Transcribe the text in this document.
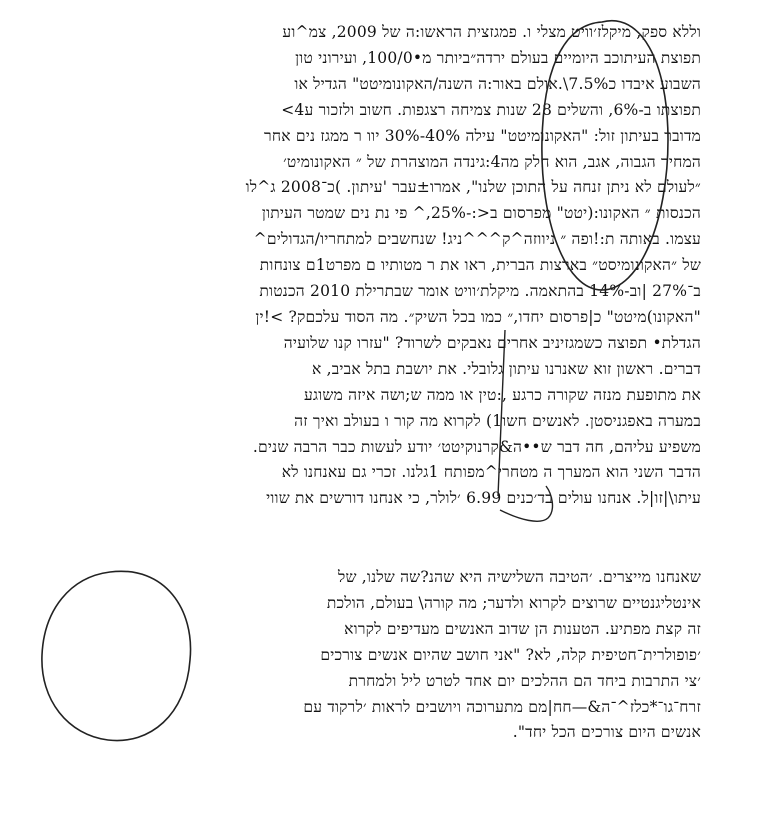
וללא ספק, מיקלז׳וויט מצלי ו. פמגזצית הראשו:ה של 2009, צמ^וע
תפוצת העיתוכב היומיים בעולם ירדה״ביותר מ•100/0, ועירוני טון
השבוע איבדו כ7.5%\.אולם באור:ה השנה/האקונומיטט" הגדיל או
תפוצתו ב-6%, והשלים 28 שנות צמיחה רצגפות. חשוב ולזכור ע4>
מדובר בעיתון זול: "האקונומיטט" עילה 40%-30% יוו ר ממגז נים אחר
המחיר הגבוה, אגב, הוא חלק מה4:גינדה המוצהרת של ״ האקונומיט׳
״לעולם לא ניתן זנחה על התוכן שלנו", אמרו±עבר 'עיתון. )כ־2008 ג^לו
הכנסות ״ האקונו:(יטט" מפרסום ב<:-25%,^ פי נת נים שמטר העיתון
עצמו. באותה ת:!ופה ״ ניווזה^ק^^^ניג! שנחשבים למתחריו/הגדולים^
של ״האקונומיסט״ בארצות הברית, ראו את ר מטותיו ם מפרט1ם צונחות
ב־27% |וב-14% בהתאמה. מיקלת׳וויט אומר שבתרילת 2010 הכנטות
"האקונו)מיטט" כ|פרסום יחדו,״ כמו בכל השיק״. מה הסוד עלכםק? >!ין
הגדלת• תפוצה כשמגזיניב אחרים נאבקים לשרוד? "עזרו קנו שלועיה
דברים. ראשון זוא שאנרנו עיתון גלובלי. את יושבת בתל אביב, א
את מתופעת מנזה שקורה כרגע ,:טין או ממה ש;ושה איזה משוגע
במערה באפגניסטן. לאנשים חשו1) לקרוא מה קור ו בעולב ואיך זה
משפיע עליהם, חה דבר ש••ה&קרנוקיטט׳ יודע לעשות כבר הרבה שנים.
הדבר השני הוא המערך ה מטחרי^מפותח 1גלנו. זכרי גם עאנחנו לא
עיתו\|זו|ל. אנחנו עולים בד׳כנים 6.99 ׳לולר, כי אנחנו דורשים את שווי
שאנחנו מייצרים. ׳הטיבה השלישיה היא שהנ?שה שלנו, של
אינטליגנטיים שרוצים לקרוא ולדער; מה קורה\ בעולם, הולכת
זה קצת מפתיע. הטענות הן שדוב האנשים מעדיפים לקרוא
׳פופולרית־חטיפית קלה, לא? "אני חושב שהיום אנשים צורכים
׳צי התרבות ביחד הם ההלכים יום אחד לטרט ליל ולמחרת
זרח־גו־*כלז^־ה&—חח|מם מתערוכה ויושבים לראות ׳לרקוד עם
אנשים היום צורכים הכל יחד".
